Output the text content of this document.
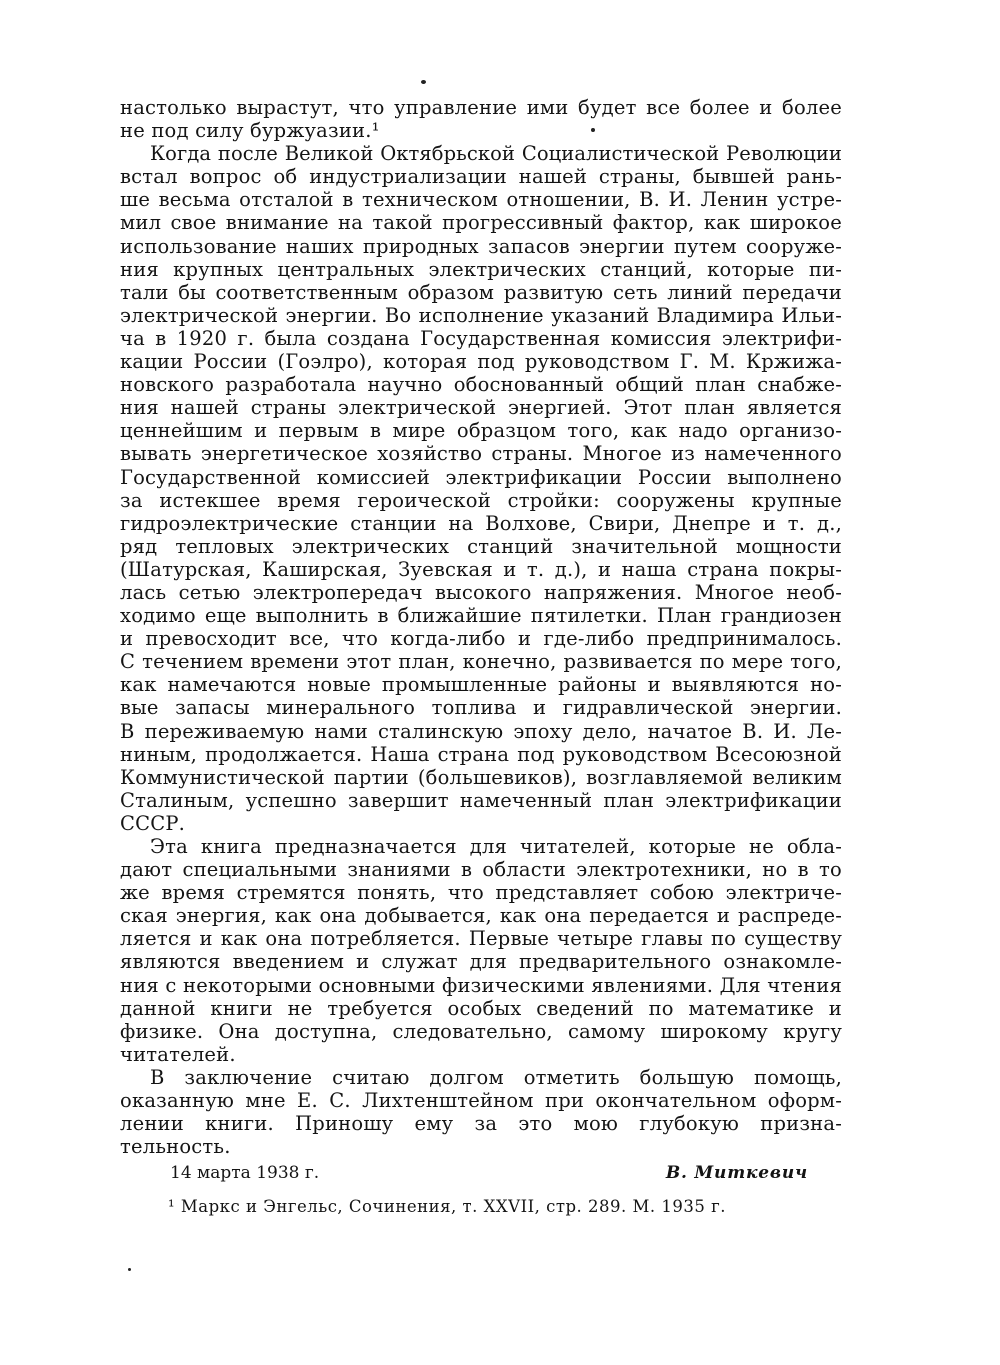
настолько вырастут, что управление ими будет все более и более
не под силу буржуазии.¹
Когда после Великой Октябрьской Социалистической Революции
встал вопрос об индустриализации нашей страны, бывшей рань-
ше весьма отсталой в техническом отношении, В. И. Ленин устре-
мил свое внимание на такой прогрессивный фактор, как широкое
использование наших природных запасов энергии путем сооруже-
ния крупных центральных электрических станций, которые пи-
тали бы соответственным образом развитую сеть линий передачи
электрической энергии. Во исполнение указаний Владимира Ильи-
ча в 1920 г. была создана Государственная комиссия электрифи-
кации России (Гоэлро), которая под руководством Г. М. Кржижа-
новского разработала научно обоснованный общий план снабже-
ния нашей страны электрической энергией. Этот план является
ценнейшим и первым в мире образцом того, как надо организо-
вывать энергетическое хозяйство страны. Многое из намеченного
Государственной комиссией электрификации России выполнено
за истекшее время героической стройки: сооружены крупные
гидроэлектрические станции на Волхове, Свири, Днепре и т. д.,
ряд тепловых электрических станций значительной мощности
(Шатурская, Каширская, Зуевская и т. д.), и наша страна покры-
лась сетью электропередач высокого напряжения. Многое необ-
ходимо еще выполнить в ближайшие пятилетки. План грандиозен
и превосходит все, что когда-либо и где-либо предпринималось.
С течением времени этот план, конечно, развивается по мере того,
как намечаются новые промышленные районы и выявляются но-
вые запасы минерального топлива и гидравлической энергии.
В переживаемую нами сталинскую эпоху дело, начатое В. И. Ле-
ниным, продолжается. Наша страна под руководством Всесоюзной
Коммунистической партии (большевиков), возглавляемой великим
Сталиным, успешно завершит намеченный план электрификации
СССР.
Эта книга предназначается для читателей, которые не обла-
дают специальными знаниями в области электротехники, но в то
же время стремятся понять, что представляет собою электриче-
ская энергия, как она добывается, как она передается и распреде-
ляется и как она потребляется. Первые четыре главы по существу
являются введением и служат для предварительного ознакомле-
ния с некоторыми основными физическими явлениями. Для чтения
данной книги не требуется особых сведений по математике и
физике. Она доступна, следовательно, самому широкому кругу
читателей.
В заключение считаю долгом отметить большую помощь,
оказанную мне Е. С. Лихтенштейном при окончательном оформ-
лении книги. Приношу ему за это мою глубокую призна-
тельность.
14 марта 1938 г.	В. Миткевич
¹ Маркс и Энгельс, Сочинения, т. XXVII, стр. 289. М. 1935 г.
